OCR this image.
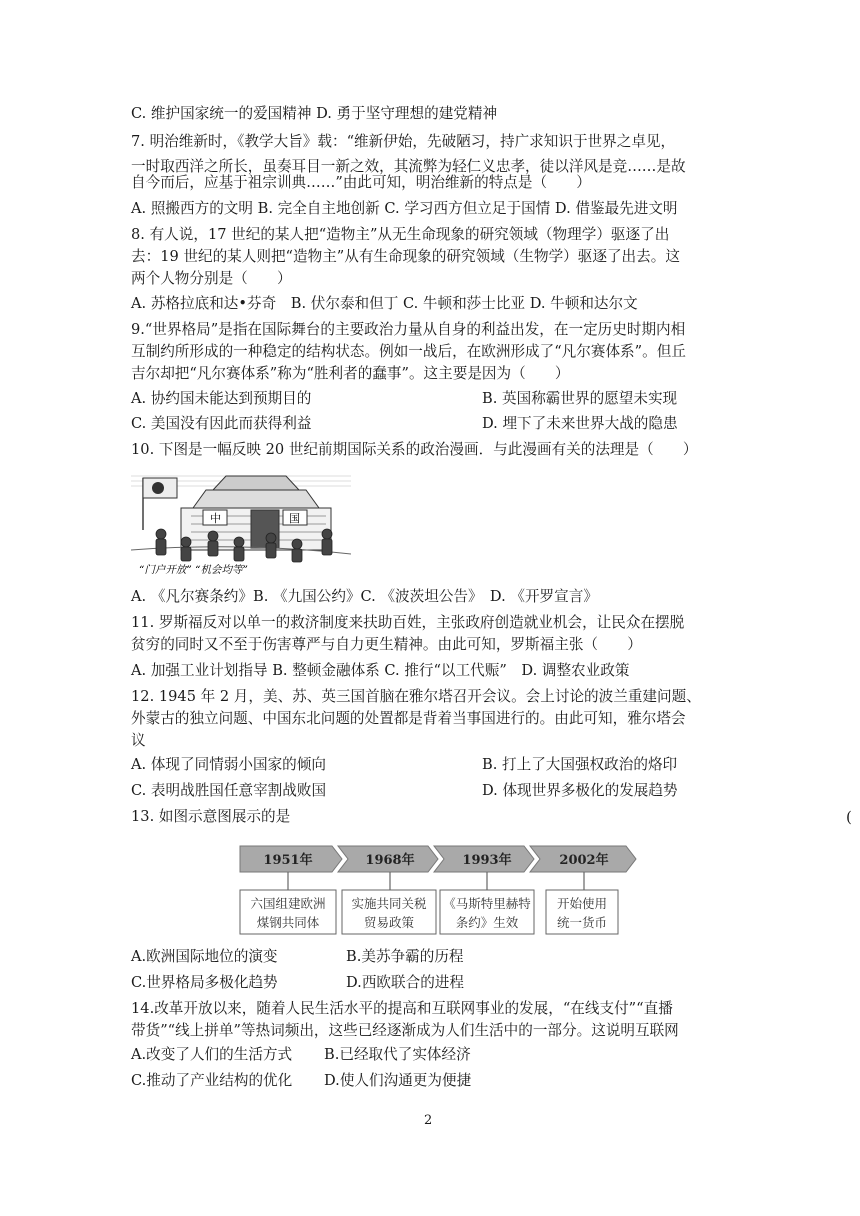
C. 维护国家统一的爱国精神 D. 勇于坚守理想的建党精神
7. 明治维新时，《教学大旨》载：“维新伊始，先破陋习，持广求知识于世界之卓见，
一时取西洋之所长，虽奏耳目一新之效，其流弊为轻仁义忠孝，徒以洋风是竞……是故
自今而后，应基于祖宗训典……”由此可知，明治维新的特点是（　　）
A. 照搬西方的文明 B. 完全自主地创新 C. 学习西方但立足于国情 D. 借鉴最先进文明
8. 有人说，17 世纪的某人把“造物主”从无生命现象的研究领域（物理学）驱逐了出
去：19 世纪的某人则把“造物主”从有生命现象的研究领域（生物学）驱逐了出去。这
两个人物分别是（　　）
A. 苏格拉底和达•芬奇　B. 伏尔泰和但丁 C. 牛顿和莎士比亚 D. 牛顿和达尔文
9.“世界格局”是指在国际舞台的主要政治力量从自身的利益出发，在一定历史时期内相
互制约所形成的一种稳定的结构状态。例如一战后，在欧洲形成了“凡尔赛体系”。但丘
吉尔却把“凡尔赛体系”称为“胜利者的蠢事”。这主要是因为（　　）
A. 协约国未能达到预期目的	B. 英国称霸世界的愿望未实现
C. 美国没有因此而获得利益	D. 埋下了未来世界大战的隐患
10. 下图是一幅反映 20 世纪前期国际关系的政治漫画．与此漫画有关的法理是（　　）
中	国
“门户开放” “机会均等”
A. 《凡尔赛条约》B. 《九国公约》C. 《波茨坦公告》　D. 《开罗宣言》
11. 罗斯福反对以单一的救济制度来扶助百姓，主张政府创造就业机会，让民众在摆脱
贫穷的同时又不至于伤害尊严与自力更生精神。由此可知，罗斯福主张（　　）
A. 加强工业计划指导 B. 整顿金融体系 C. 推行“以工代赈”　D. 调整农业政策
12. 1945 年 2 月，美、苏、英三国首脑在雅尔塔召开会议。会上讨论的波兰重建问题、
外蒙古的独立问题、中国东北问题的处置都是背着当事国进行的。由此可知，雅尔塔会
议
A. 体现了同情弱小国家的倾向	B. 打上了大国强权政治的烙印
C. 表明战胜国任意宰割战败国	D. 体现世界多极化的发展趋势
13. 如图示意图展示的是	(
1951年	1968年	1993年	2002年
六国组建欧洲
煤钢共同体
实施共同关税
贸易政策
《马斯特里赫特
条约》生效
开始使用
统一货币
A.欧洲国际地位的演变	B.美苏争霸的历程
C.世界格局多极化趋势	D.西欧联合的进程
14.改革开放以来，随着人民生活水平的提高和互联网事业的发展，“在线支付”“直播
带货”“线上拼单”等热词频出，这些已经逐渐成为人们生活中的一部分。这说明互联网
A.改变了人们的生活方式 B.已经取代了实体经济
C.推动了产业结构的优化 D.使人们沟通更为便捷
2
